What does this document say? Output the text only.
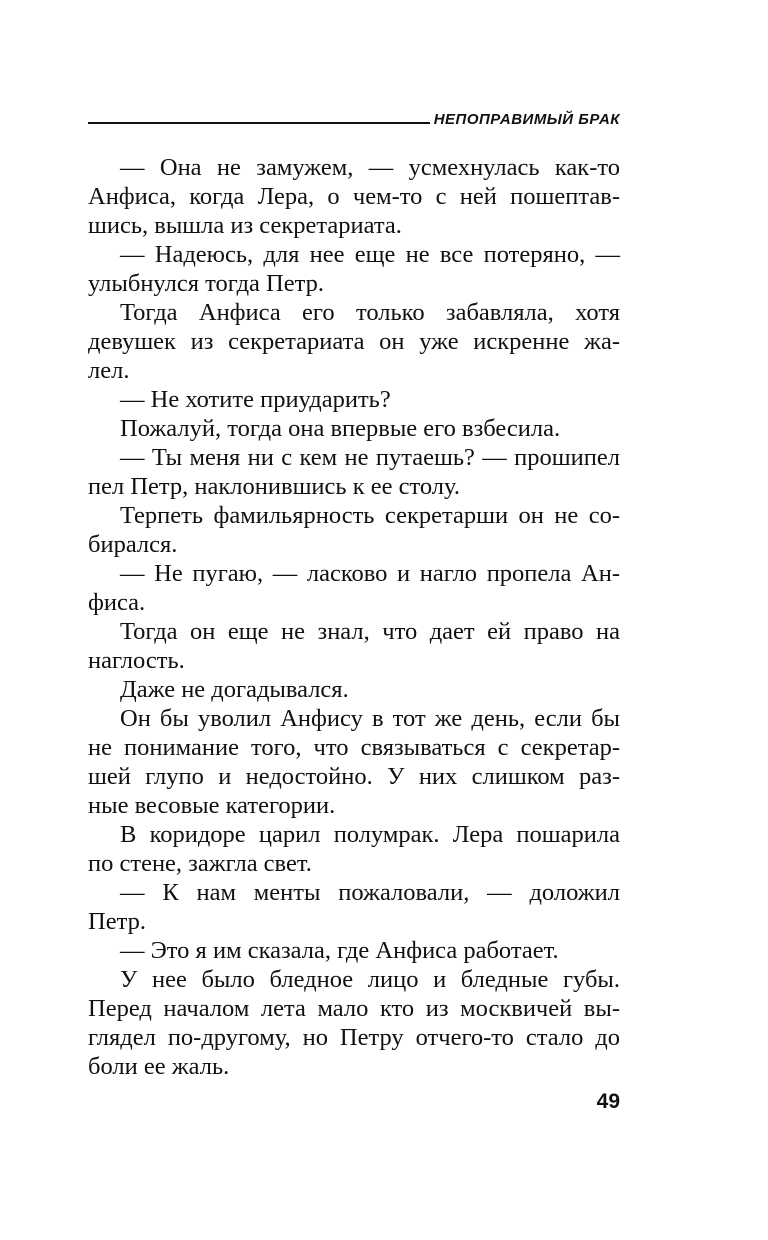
НЕПОПРАВИМЫЙ БРАК
— Она не замужем, — усмехнулась как-то
Анфиса, когда Лера, о чем-то с ней пошептав-
шись, вышла из секретариата.
— Надеюсь, для нее еще не все потеряно, —
улыбнулся тогда Петр.
Тогда Анфиса его только забавляла, хотя
девушек из секретариата он уже искренне жа-
лел.
— Не хотите приударить?
Пожалуй, тогда она впервые его взбесила.
— Ты меня ни с кем не путаешь? — прошипел
пел Петр, наклонившись к ее столу.
Терпеть фамильярность секретарши он не со-
бирался.
— Не пугаю, — ласково и нагло пропела Ан-
фиса.
Тогда он еще не знал, что дает ей право на
наглость.
Даже не догадывался.
Он бы уволил Анфису в тот же день, если бы
не понимание того, что связываться с секретар-
шей глупо и недостойно. У них слишком раз-
ные весовые категории.
В коридоре царил полумрак. Лера пошарила
по стене, зажгла свет.
— К нам менты пожаловали, — доложил
Петр.
— Это я им сказала, где Анфиса работает.
У нее было бледное лицо и бледные губы.
Перед началом лета мало кто из москвичей вы-
глядел по-другому, но Петру отчего-то стало до
боли ее жаль.
49
